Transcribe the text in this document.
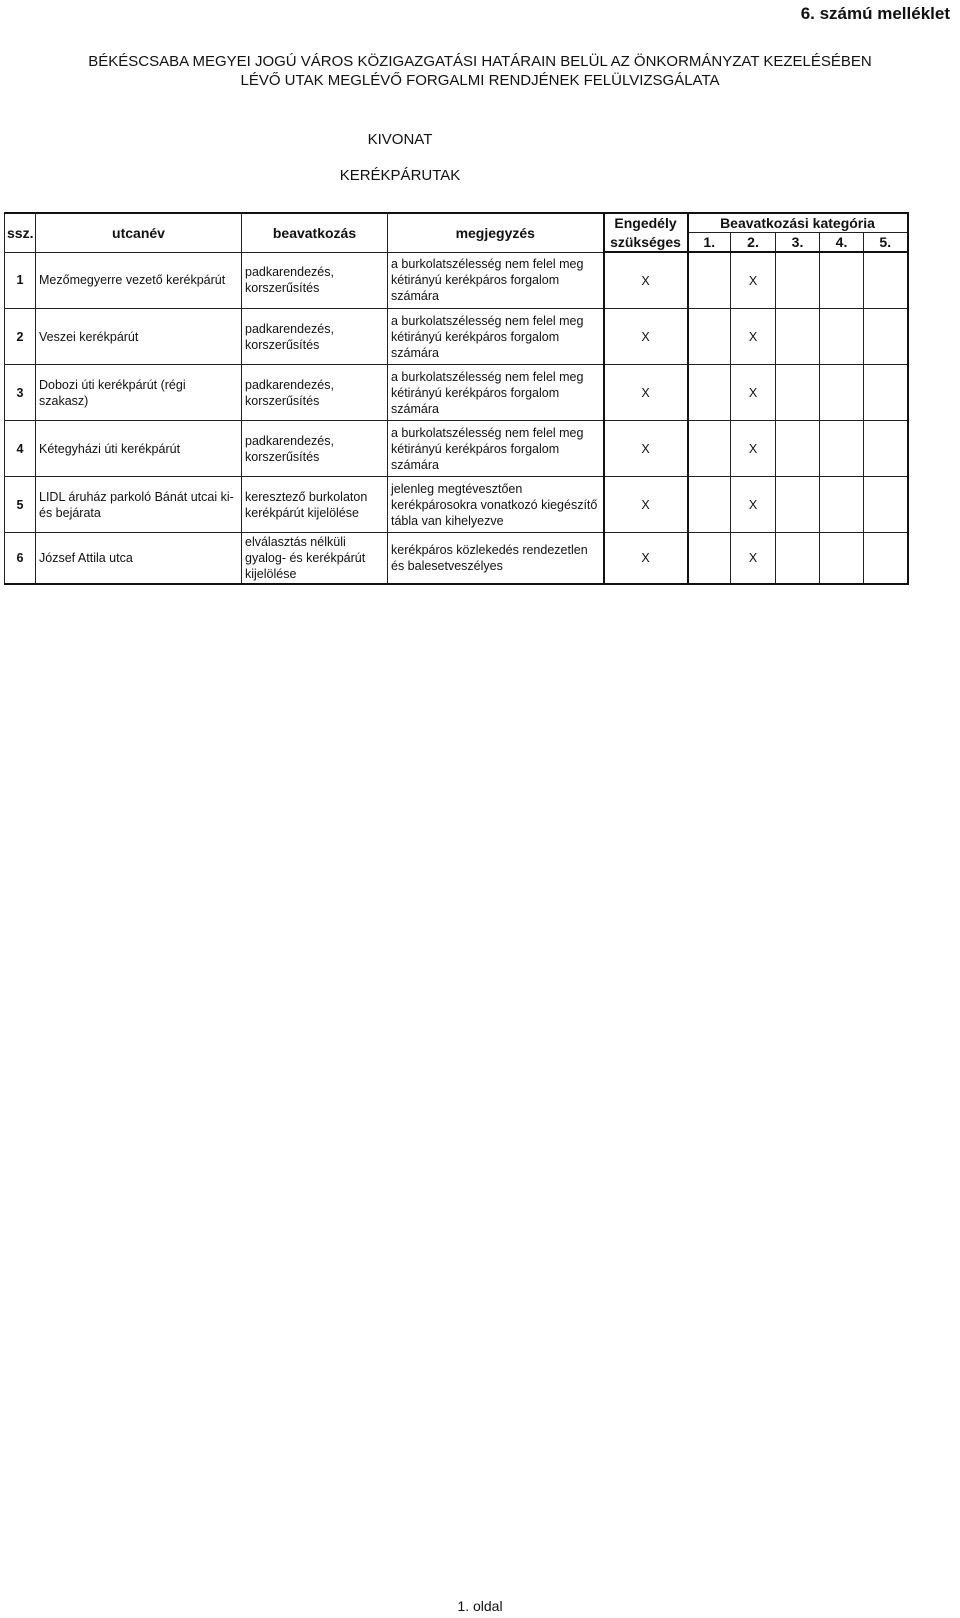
6. számú melléklet
BÉKÉSCSABA MEGYEI JOGÚ VÁROS KÖZIGAZGATÁSI HATÁRAIN BELÜL AZ ÖNKORMÁNYZAT KEZELÉSÉBEN
LÉVŐ UTAK MEGLÉVŐ FORGALMI RENDJÉNEK FELÜLVIZSGÁLATA
KIVONAT
KERÉKPÁRUTAK
ssz.	utcanév	beavatkozás	megjegyzés	Engedély	Beavatkozási kategória				
				szükséges	1.	2.	3.	4.	5.
1	Mezőmegyerre vezető kerékpárút	padkarendezés, korszerűsítés	a burkolatszélesség nem felel meg kétirányú kerékpáros forgalom számára	X		X			
2	Veszei kerékpárút	padkarendezés, korszerűsítés	a burkolatszélesség nem felel meg kétirányú kerékpáros forgalom számára	X		X			
3	Dobozi úti kerékpárút (régi szakasz)	padkarendezés, korszerűsítés	a burkolatszélesség nem felel meg kétirányú kerékpáros forgalom számára	X		X			
4	Kétegyházi úti kerékpárút	padkarendezés, korszerűsítés	a burkolatszélesség nem felel meg kétirányú kerékpáros forgalom számára	X		X			
5	LIDL áruház parkoló Bánát utcai ki- és bejárata	keresztező burkolaton kerékpárút kijelölése	jelenleg megtévesztően kerékpárosokra vonatkozó kiegészítő tábla van kihelyezve	X		X			
6	József Attila utca	elválasztás nélküli gyalog- és kerékpárút kijelölése	kerékpáros közlekedés rendezetlen és balesetveszélyes	X		X			
1. oldal
